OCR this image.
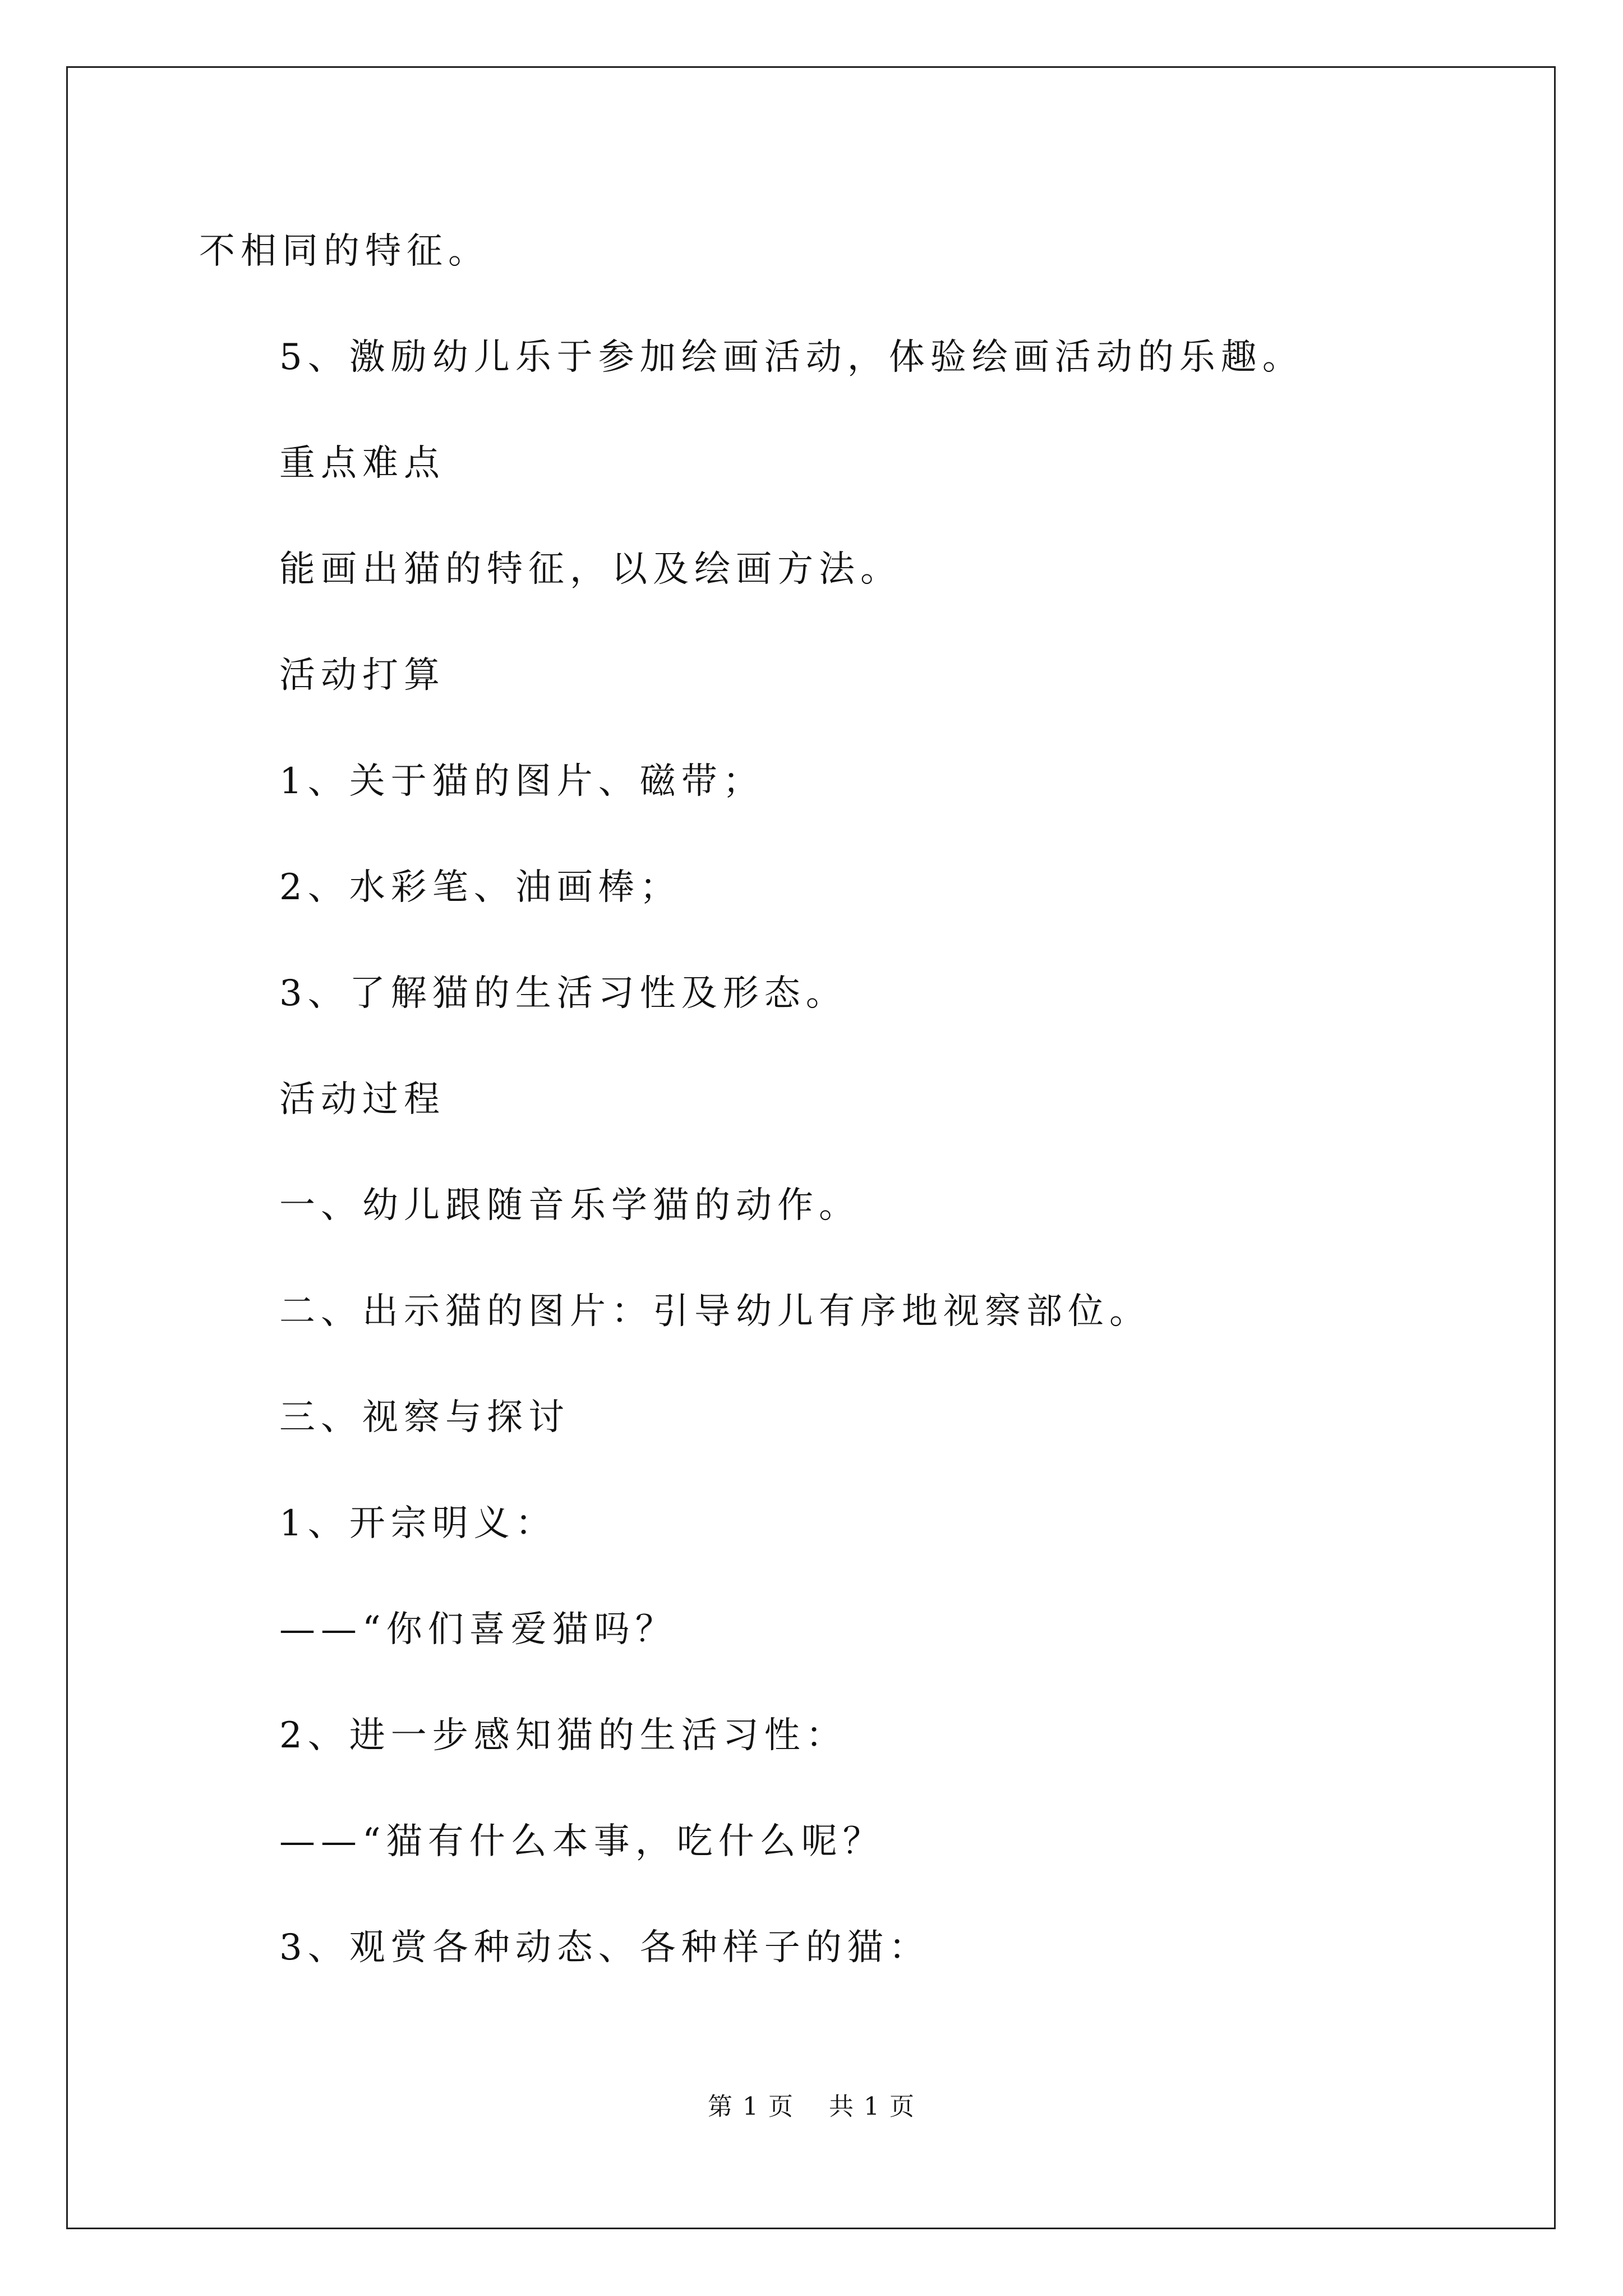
不相同的特征。
5、激励幼儿乐于参加绘画活动，体验绘画活动的乐趣。
重点难点
能画出猫的特征，以及绘画方法。
活动打算
1、关于猫的图片、磁带；
2、水彩笔、油画棒；
3、了解猫的生活习性及形态。
活动过程
一、幼儿跟随音乐学猫的动作。
二、出示猫的图片：引导幼儿有序地视察部位。
三、视察与探讨
1、开宗明义：
——“你们喜爱猫吗？
2、进一步感知猫的生活习性：
——“猫有什么本事，吃什么呢？
3、观赏各种动态、各种样子的猫：
第 1 页　 共 1 页
